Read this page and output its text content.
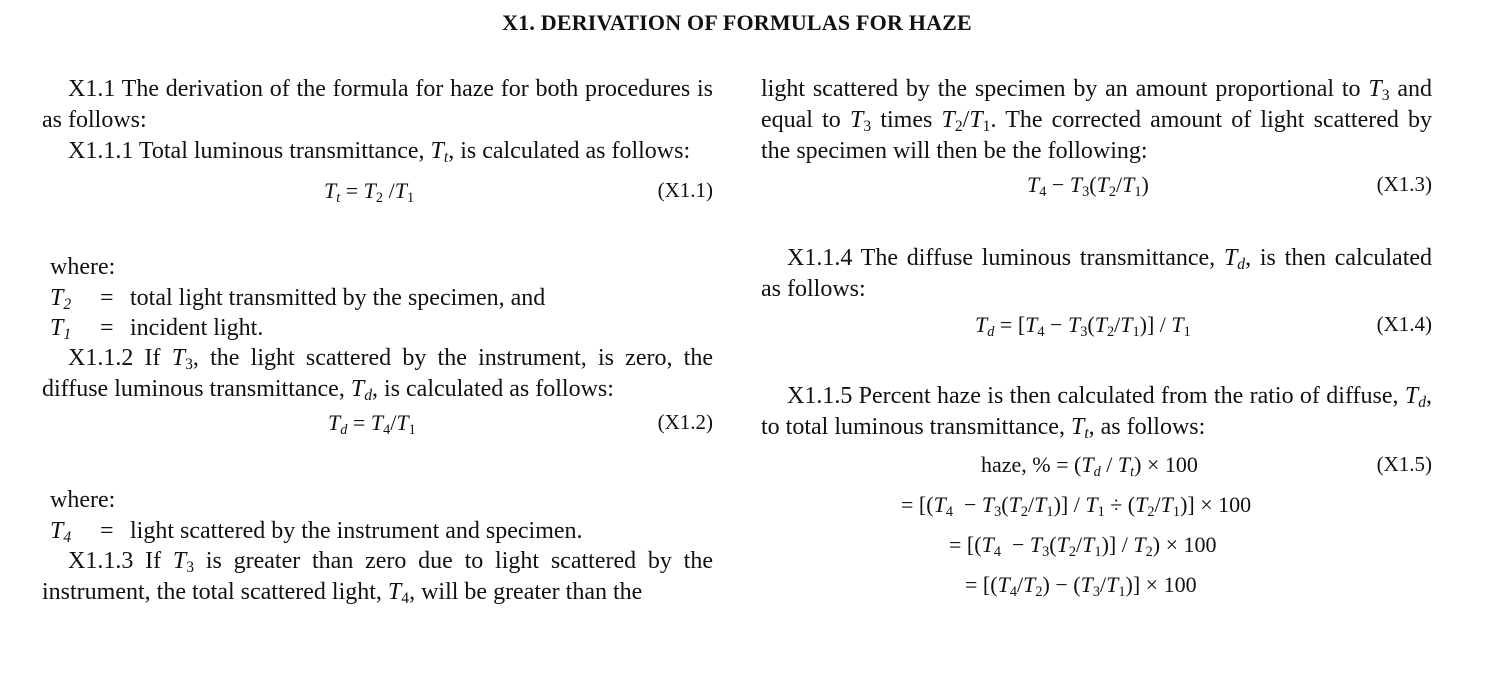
X1. DERIVATION OF FORMULAS FOR HAZE

X1.1 The derivation of the formula for haze for both procedures is as follows:

X1.1.1 Total luminous transmittance, $T_t$, is calculated as follows:

$T_t = T_2$ $/T_1$	(X1.1)

where:

$T_2$	= total light transmitted by the specimen, and
$T_1$	= incident light.

X1.1.2 If $T_3$, the light scattered by the instrument, is zero, the diffuse luminous transmittance, $T_d$, is calculated as follows:

$T_d = T_4/T_1$	(X1.2)

where:

$T_4$	= light scattered by the instrument and specimen.

X1.1.3 If $T_3$ is greater than zero due to light scattered by the instrument, the total scattered light, $T_4$, will be greater than the

light scattered by the specimen by an amount proportional to $T_3$ and equal to $T_3$ times $T_2/T_1$. The corrected amount of light scattered by the specimen will then be the following:

$T_4 - T_3(T_2/T_1)$	(X1.3)

X1.1.4 The diffuse luminous transmittance, $T_d$, is then calculated as follows:

$T_d = [T_4 - T_3(T_2/T_1)] / T_1$	(X1.4)

X1.1.5 Percent haze is then calculated from the ratio of diffuse, $T_d$, to total luminous transmittance, $T_t$, as follows:

haze, % = $(T_d / T_t) \times 100$	(X1.5)
= $[(T_4 - T_3(T_2/T_1)] / T_1 \div (T_2/T_1)] \times 100$
= $[(T_4 - T_3(T_2/T_1)] / T_2) \times 100$
= $[(T_4/T_2) - (T_3/T_1)] \times 100$
